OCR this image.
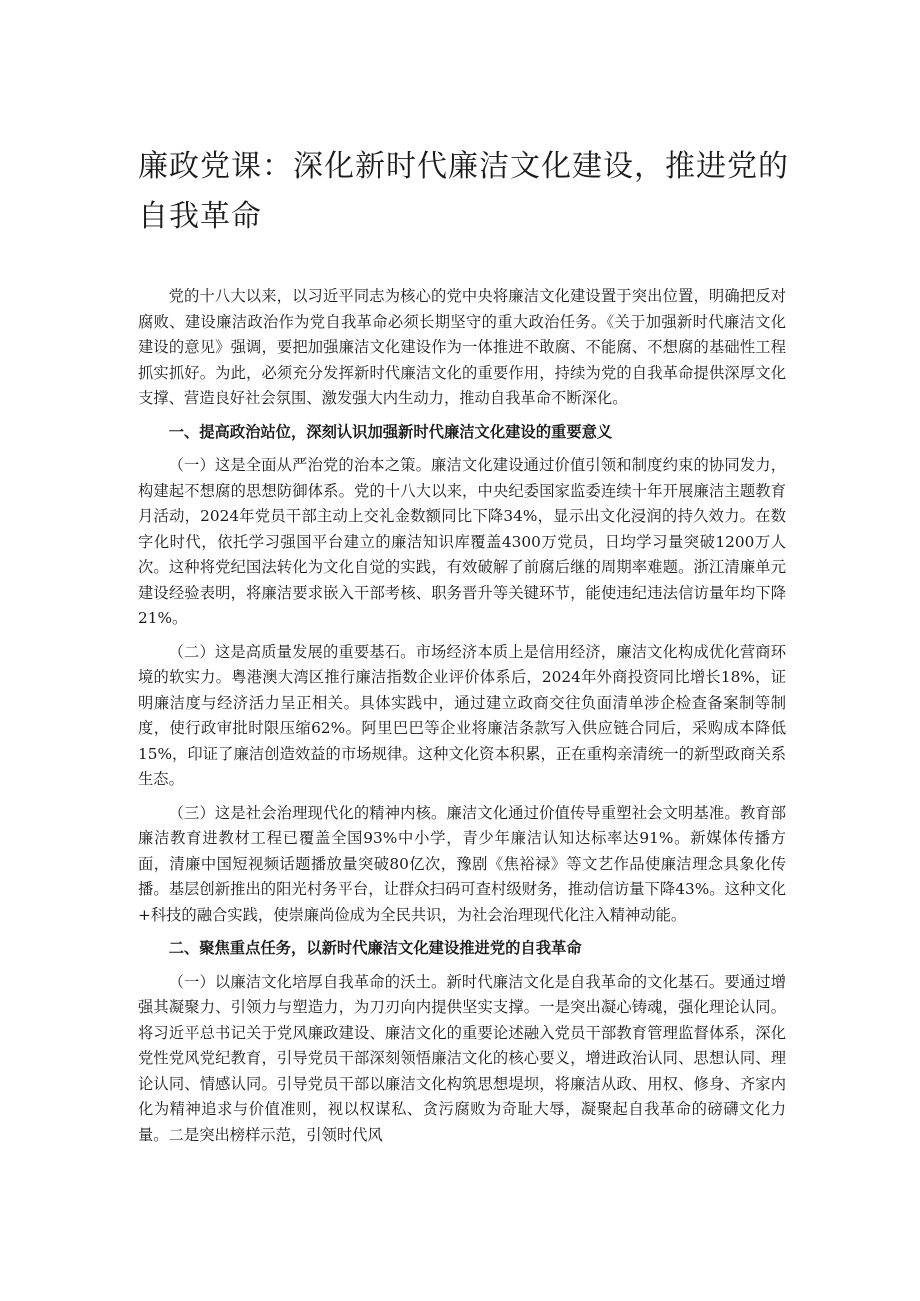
廉政党课：深化新时代廉洁文化建设，推进党的自我革命

党的十八大以来，以习近平同志为核心的党中央将廉洁文化建设置于突出位置，明确把反对腐败、建设廉洁政治作为党自我革命必须长期坚守的重大政治任务。《关于加强新时代廉洁文化建设的意见》强调，要把加强廉洁文化建设作为一体推进不敢腐、不能腐、不想腐的基础性工程抓实抓好。为此，必须充分发挥新时代廉洁文化的重要作用，持续为党的自我革命提供深厚文化支撑、营造良好社会氛围、激发强大内生动力，推动自我革命不断深化。

一、提高政治站位，深刻认识加强新时代廉洁文化建设的重要意义

（一）这是全面从严治党的治本之策。廉洁文化建设通过价值引领和制度约束的协同发力，构建起不想腐的思想防御体系。党的十八大以来，中央纪委国家监委连续十年开展廉洁主题教育月活动，2024年党员干部主动上交礼金数额同比下降34%，显示出文化浸润的持久效力。在数字化时代，依托学习强国平台建立的廉洁知识库覆盖4300万党员，日均学习量突破1200万人次。这种将党纪国法转化为文化自觉的实践，有效破解了前腐后继的周期率难题。浙江清廉单元建设经验表明，将廉洁要求嵌入干部考核、职务晋升等关键环节，能使违纪违法信访量年均下降21%。

（二）这是高质量发展的重要基石。市场经济本质上是信用经济，廉洁文化构成优化营商环境的软实力。粤港澳大湾区推行廉洁指数企业评价体系后，2024年外商投资同比增长18%，证明廉洁度与经济活力呈正相关。具体实践中，通过建立政商交往负面清单涉企检查备案制等制度，使行政审批时限压缩62%。阿里巴巴等企业将廉洁条款写入供应链合同后，采购成本降低15%，印证了廉洁创造效益的市场规律。这种文化资本积累，正在重构亲清统一的新型政商关系生态。

（三）这是社会治理现代化的精神内核。廉洁文化通过价值传导重塑社会文明基准。教育部廉洁教育进教材工程已覆盖全国93%中小学，青少年廉洁认知达标率达91%。新媒体传播方面，清廉中国短视频话题播放量突破80亿次，豫剧《焦裕禄》等文艺作品使廉洁理念具象化传播。基层创新推出的阳光村务平台，让群众扫码可查村级财务，推动信访量下降43%。这种文化+科技的融合实践，使崇廉尚俭成为全民共识，为社会治理现代化注入精神动能。

二、聚焦重点任务，以新时代廉洁文化建设推进党的自我革命

（一）以廉洁文化培厚自我革命的沃土。新时代廉洁文化是自我革命的文化基石。要通过增强其凝聚力、引领力与塑造力，为刀刃向内提供坚实支撑。一是突出凝心铸魂，强化理论认同。将习近平总书记关于党风廉政建设、廉洁文化的重要论述融入党员干部教育管理监督体系，深化党性党风党纪教育，引导党员干部深刻领悟廉洁文化的核心要义，增进政治认同、思想认同、理论认同、情感认同。引导党员干部以廉洁文化构筑思想堤坝，将廉洁从政、用权、修身、齐家内化为精神追求与价值准则，视以权谋私、贪污腐败为奇耻大辱，凝聚起自我革命的磅礴文化力量。二是突出榜样示范，引领时代风
